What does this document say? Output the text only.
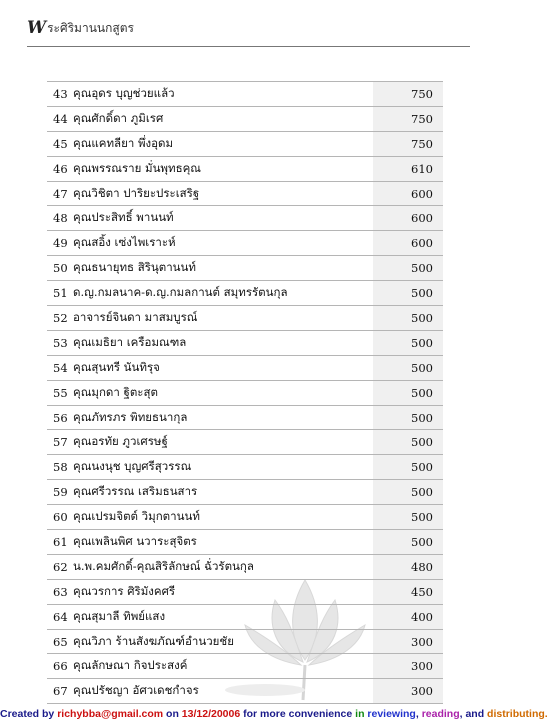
W ระศิริมานนกสูตร
43	คุณอุดร บุญช่วยแล้ว	750
44	คุณศักดิ์ดา ภูมิเรศ	750
45	คุณแคทลียา พึ่งอุดม	750
46	คุณพรรณราย มั่นพุทธคุณ	610
47	คุณวิชิตา ปาริยะประเสริฐ	600
48	คุณประสิทธิ์ พานนท์	600
49	คุณสอิ้ง เซ่งไพเราะห์	600
50	คุณธนายุทธ สิรินุตานนท์	500
51	ด.ญ.กมลนาค-ด.ญ.กมลกานต์ สมุทรรัตนกุล	500
52	อาจารย์จินดา มาสมบูรณ์	500
53	คุณเมธิยา เครือมณฑล	500
54	คุณสุนทรี นันทิรุจ	500
55	คุณมุกดา ฐิตะสุต	500
56	คุณภัทรภร พิทยธนากุล	500
57	คุณอรทัย ภูวเศรษฐ์	500
58	คุณนงนุช บุญศรีสุวรรณ	500
59	คุณศรีวรรณ เสริมธนสาร	500
60	คุณเปรมจิตต์ วิมุกตานนท์	500
61	คุณเพลินพิศ นวาระสุจิตร	500
62	น.พ.คมศักดิ์-คุณสิริลักษณ์ ฉั่วรัตนกุล	480
63	คุณวรการ ศิริมังคศรี	450
64	คุณสุมาลี ทิพย์แสง	400
65	คุณวิภา ร้านสังฆภัณฑ์อำนวยชัย	300
66	คุณลักษณา กิจประสงค์	300
67	คุณปรัชญา อัศวเดชกำจร	300
Created by richybba@gmail.com on 13/12/20006 for more convenience in reviewing, reading, and distributing.
